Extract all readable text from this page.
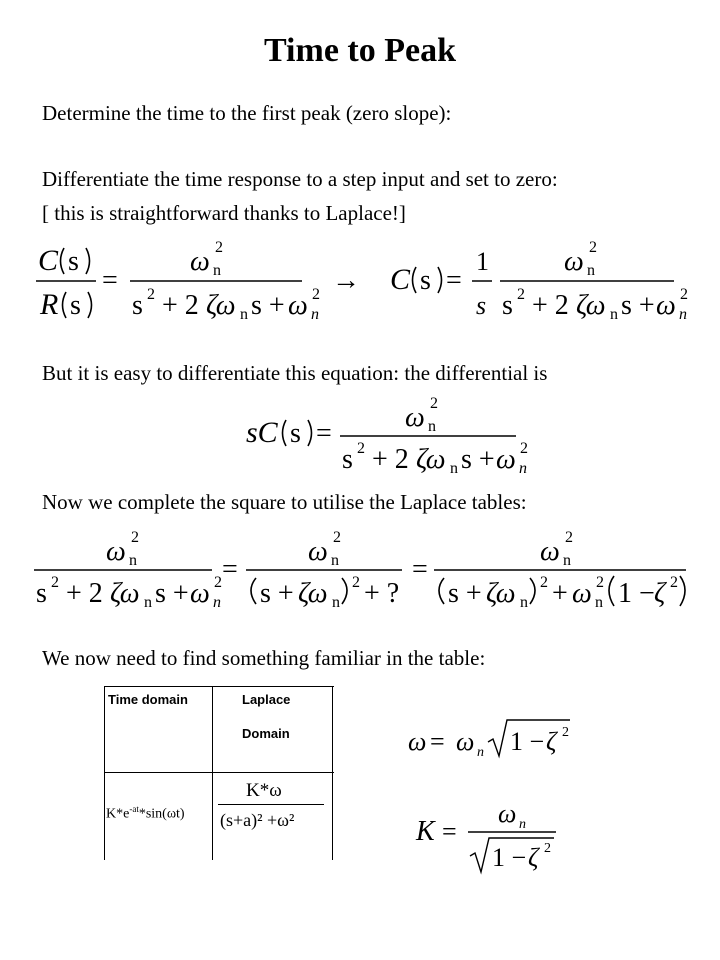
Time to Peak
Determine the time to the first peak (zero slope):
Differentiate the time response to a step input and set to zero:
[ this is straightforward thanks to Laplace!]
C s
R s
=
ω 2
n
s 2 + 2 ζω n s + ω 2
n
→ C s =
1
s
ω 2
n
s 2 + 2 ζω n s + ω 2
n
But it is easy to differentiate this equation: the differential is
sC s =
ω 2
n
s 2 + 2 ζω n s + ω 2
n
Now we complete the square to utilise the Laplace tables:
ω 2
n
s 2 + 2 ζω n s + ω 2
n
=
ω 2
n
s + ζω n
2 + ?
=
ω 2
n
s + ζω n
2 + ω 2
n 1 − ζ 2
We now need to find something familiar in the table:
Time domain	Laplace
Domain
$K*e^{-at}*\sin(\omega t)$
K*ω
(s+a)² +ω²
ω = ω n 1 − ζ 2
K =
ω n
1 − ζ 2
